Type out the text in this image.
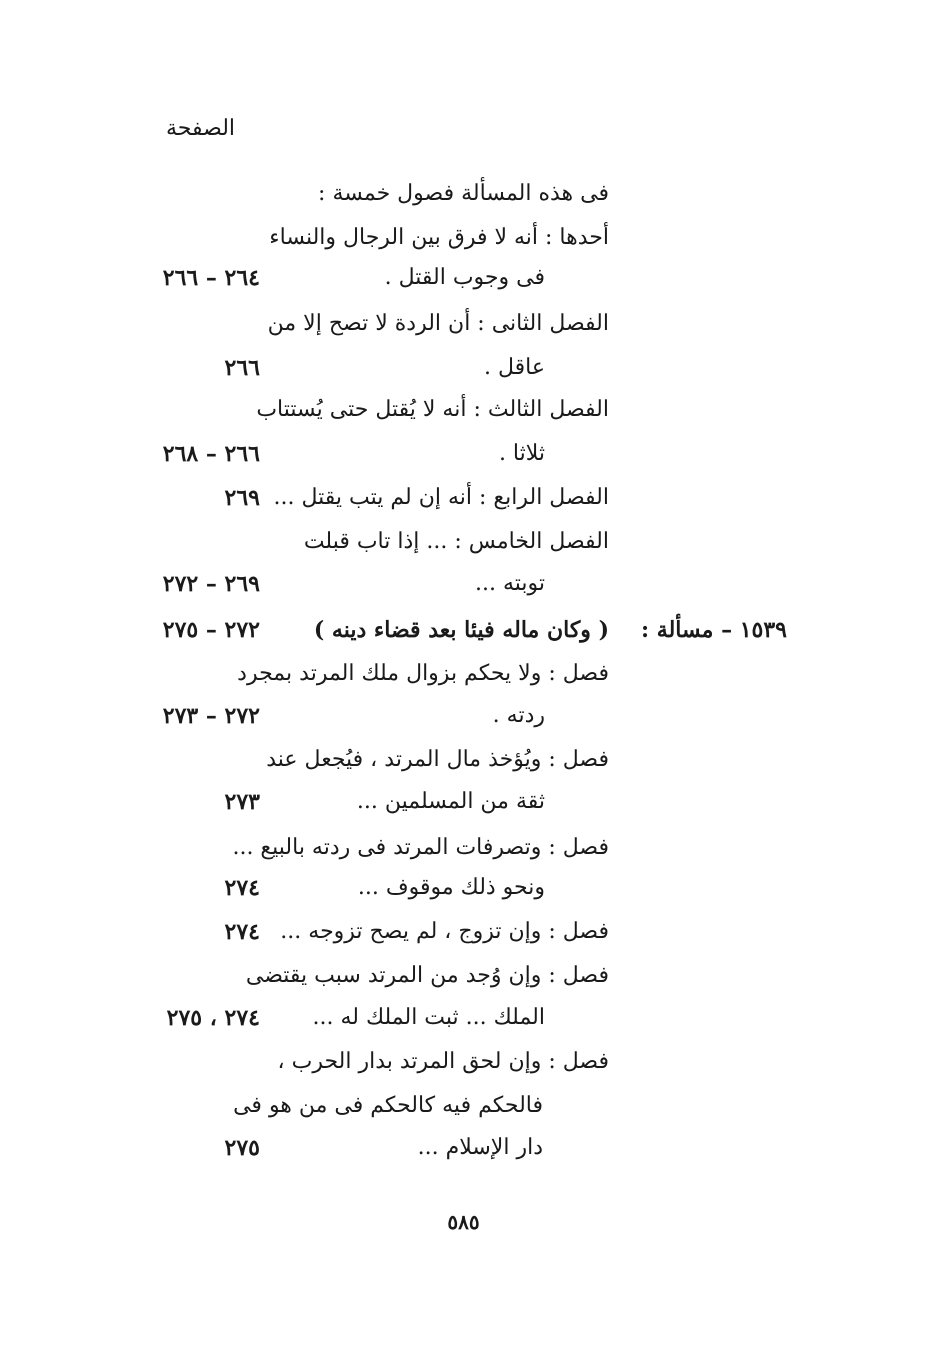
الصفحة
فى هذه المسألة فصول خمسة :
أحدها : أنه لا فرق بين الرجال والنساء
فى وجوب القتل .
٢٦٤ – ٢٦٦
الفصل الثانى : أن الردة لا تصح إلا من
عاقل .
٢٦٦
الفصل الثالث : أنه لا يُقتل حتى يُستتاب
ثلاثا .
٢٦٦ – ٢٦٨
الفصل الرابع : أنه إن لم يتب يقتل ...
٢٦٩
الفصل الخامس : ... إذا تاب قبلت
توبته ...
٢٦٩ – ٢٧٢
١٥٣٩ – مسألة :
( وكان ماله فيئا بعد قضاء دينه )
٢٧٢ – ٢٧٥
فصل : ولا يحكم بزوال ملك المرتد بمجرد
ردته .
٢٧٢ – ٢٧٣
فصل : ويُؤخذ مال المرتد ، فيُجعل عند
ثقة من المسلمين ...
٢٧٣
فصل : وتصرفات المرتد فى ردته بالبيع ...
ونحو ذلك موقوف ...
٢٧٤
فصل : وإن تزوج ، لم يصح تزوجه ...
٢٧٤
فصل : وإن وُجد من المرتد سبب يقتضى
الملك ... ثبت الملك له ...
٢٧٤ ، ٢٧٥
فصل : وإن لحق المرتد بدار الحرب ،
فالحكم فيه كالحكم فى من هو فى
دار الإسلام ...
٢٧٥
٥٨٥
